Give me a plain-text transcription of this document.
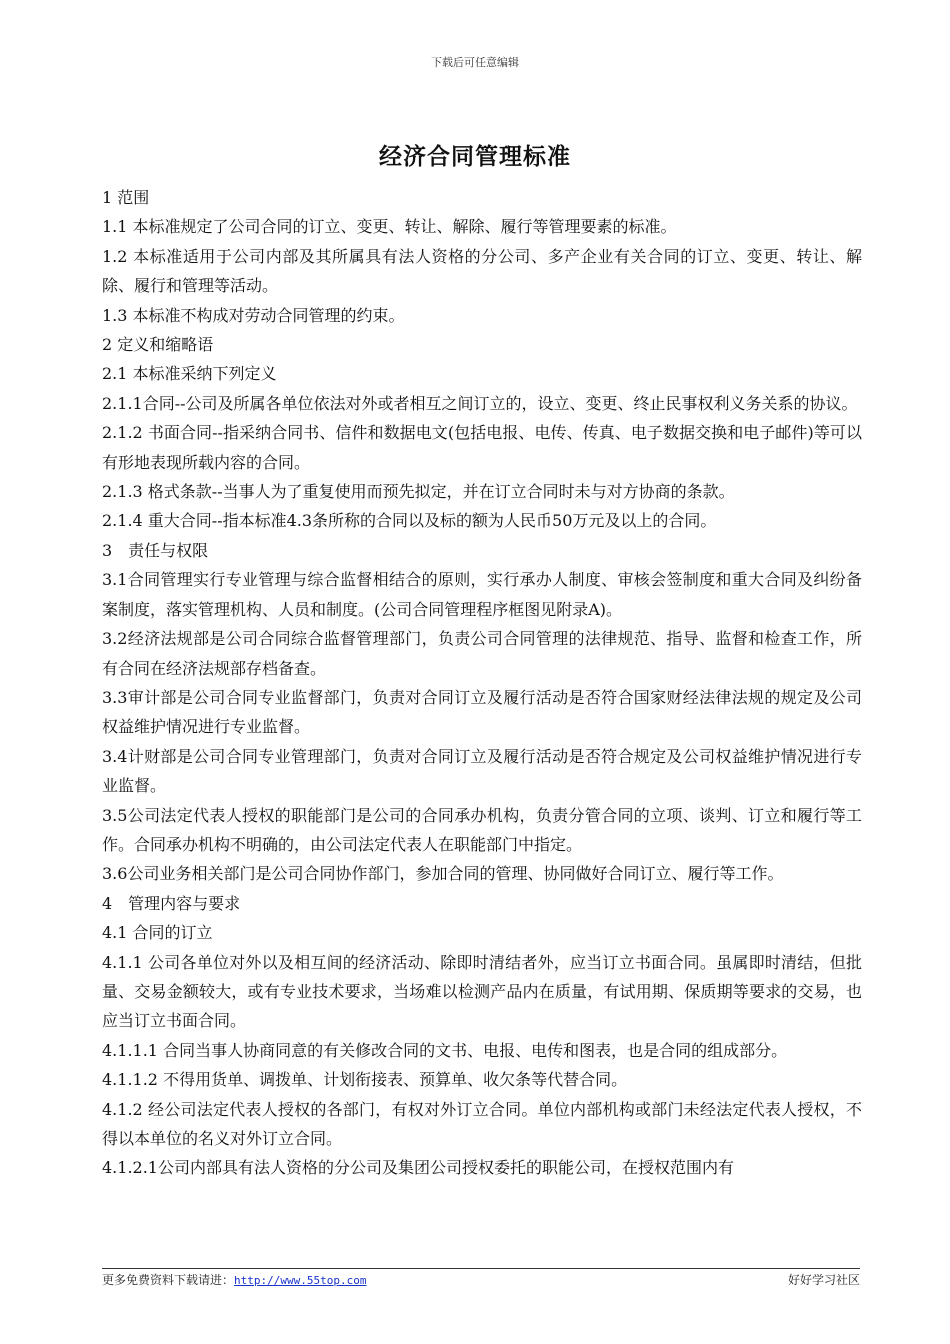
下载后可任意编辑
经济合同管理标准

1 范围

1.1 本标准规定了公司合同的订立、变更、转让、解除、履行等管理要素的标准。

1.2 本标准适用于公司内部及其所属具有法人资格的分公司、多产企业有关合同的订立、变更、转让、解除、履行和管理等活动。

1.3 本标准不构成对劳动合同管理的约束。

2 定义和缩略语

2.1 本标准采纳下列定义

2.1.1合同--公司及所属各单位依法对外或者相互之间订立的，设立、变更、终止民事权利义务关系的协议。

2.1.2 书面合同--指采纳合同书、信件和数据电文(包括电报、电传、传真、电子数据交换和电子邮件)等可以有形地表现所载内容的合同。

2.1.3 格式条款--当事人为了重复使用而预先拟定，并在订立合同时未与对方协商的条款。

2.1.4 重大合同--指本标准4.3条所称的合同以及标的额为人民币50万元及以上的合同。

3　责任与权限

3.1合同管理实行专业管理与综合监督相结合的原则，实行承办人制度、审核会签制度和重大合同及纠纷备案制度，落实管理机构、人员和制度。(公司合同管理程序框图见附录A)。

3.2经济法规部是公司合同综合监督管理部门，负责公司合同管理的法律规范、指导、监督和检查工作，所有合同在经济法规部存档备查。

3.3审计部是公司合同专业监督部门，负责对合同订立及履行活动是否符合国家财经法律法规的规定及公司权益维护情况进行专业监督。

3.4计财部是公司合同专业管理部门，负责对合同订立及履行活动是否符合规定及公司权益维护情况进行专业监督。

3.5公司法定代表人授权的职能部门是公司的合同承办机构，负责分管合同的立项、谈判、订立和履行等工作。合同承办机构不明确的，由公司法定代表人在职能部门中指定。

3.6公司业务相关部门是公司合同协作部门，参加合同的管理、协同做好合同订立、履行等工作。

4　管理内容与要求

4.1 合同的订立

4.1.1 公司各单位对外以及相互间的经济活动、除即时清结者外，应当订立书面合同。虽属即时清结，但批量、交易金额较大，或有专业技术要求，当场难以检测产品内在质量，有试用期、保质期等要求的交易，也应当订立书面合同。

4.1.1.1 合同当事人协商同意的有关修改合同的文书、电报、电传和图表，也是合同的组成部分。

4.1.1.2 不得用货单、调拨单、计划衔接表、预算单、收欠条等代替合同。

4.1.2 经公司法定代表人授权的各部门，有权对外订立合同。单位内部机构或部门未经法定代表人授权，不得以本单位的名义对外订立合同。

4.1.2.1公司内部具有法人资格的分公司及集团公司授权委托的职能公司，在授权范围内有

更多免费资料下载请进：http://www.55top.com	好好学习社区
